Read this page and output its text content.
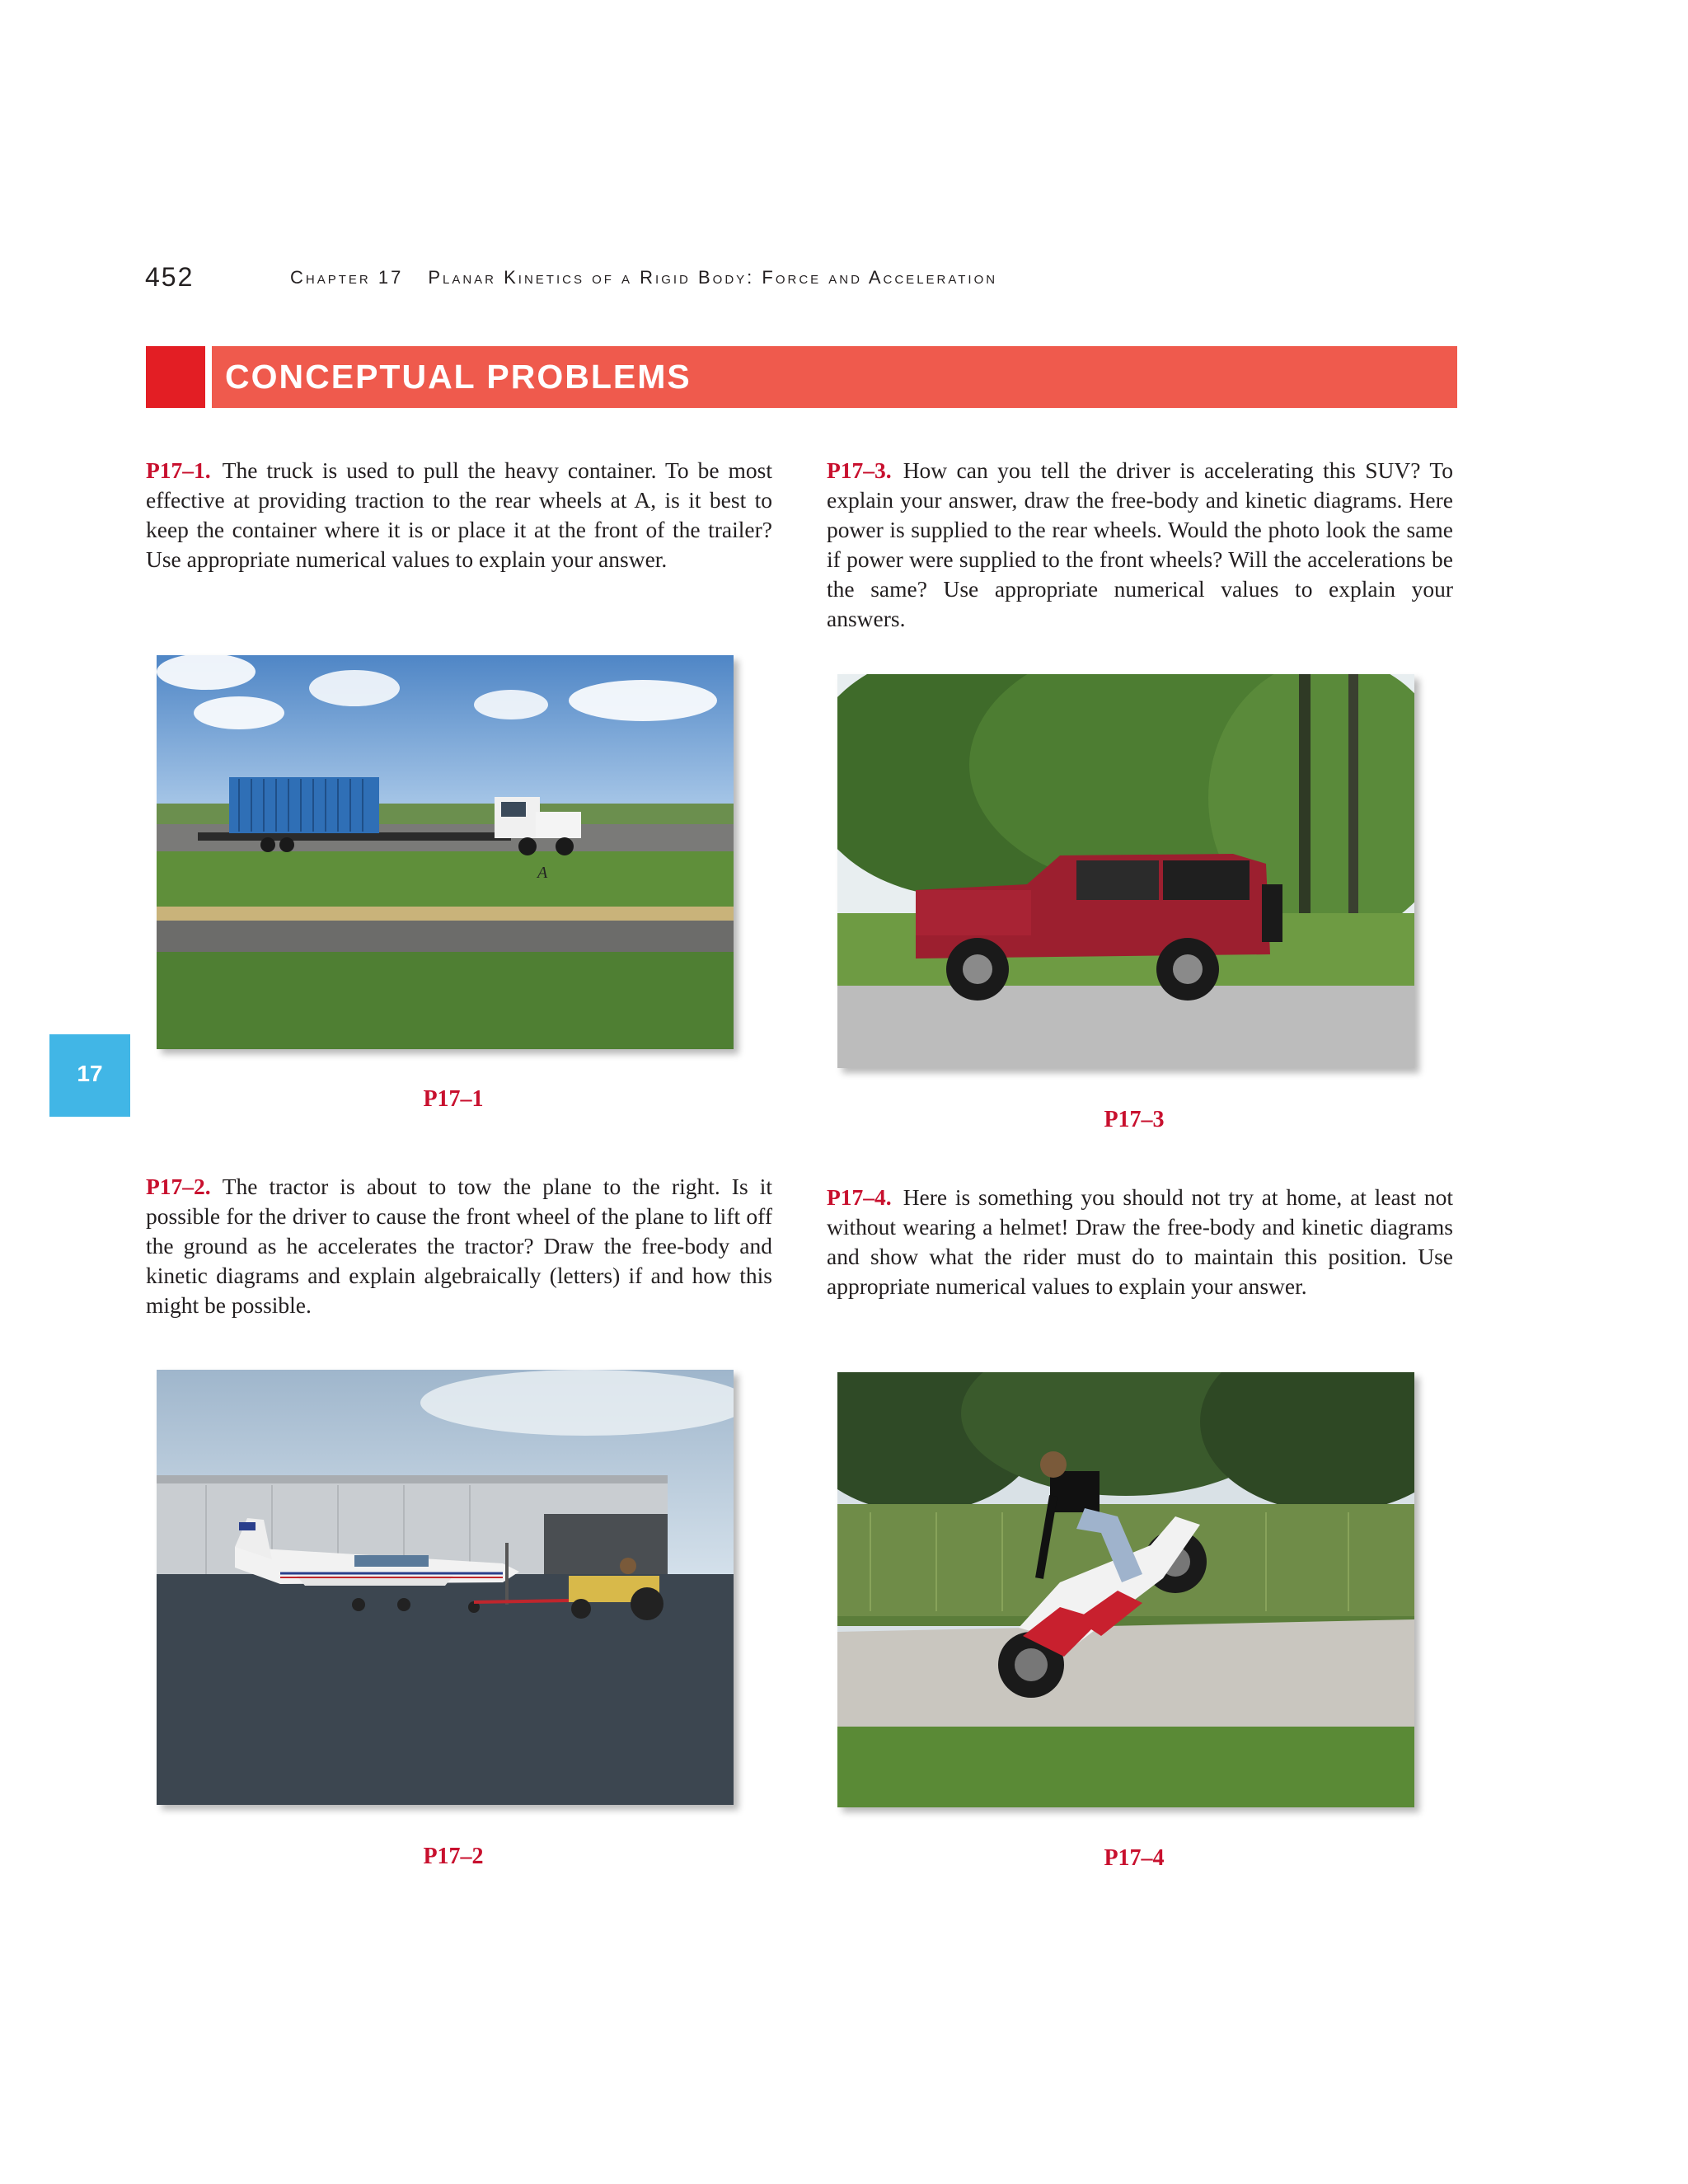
452	Chapter 17 Planar Kinetics of a Rigid Body: Force and Acceleration
CONCEPTUAL PROBLEMS
17
P17–1. The truck is used to pull the heavy container. To be most effective at providing traction to the rear wheels at A, is it best to keep the container where it is or place it at the front of the trailer? Use appropriate numerical values to explain your answer.
A
P17–1
P17–2. The tractor is about to tow the plane to the right. Is it possible for the driver to cause the front wheel of the plane to lift off the ground as he accelerates the tractor? Draw the free-body and kinetic diagrams and explain algebraically (letters) if and how this might be possible.
P17–2
P17–3. How can you tell the driver is accelerating this SUV? To explain your answer, draw the free-body and kinetic diagrams. Here power is supplied to the rear wheels. Would the photo look the same if power were supplied to the front wheels? Will the accelerations be the same? Use appropriate numerical values to explain your answers.
P17–3
P17–4. Here is something you should not try at home, at least not without wearing a helmet! Draw the free-body and kinetic diagrams and show what the rider must do to maintain this position. Use appropriate numerical values to explain your answer.
P17–4
